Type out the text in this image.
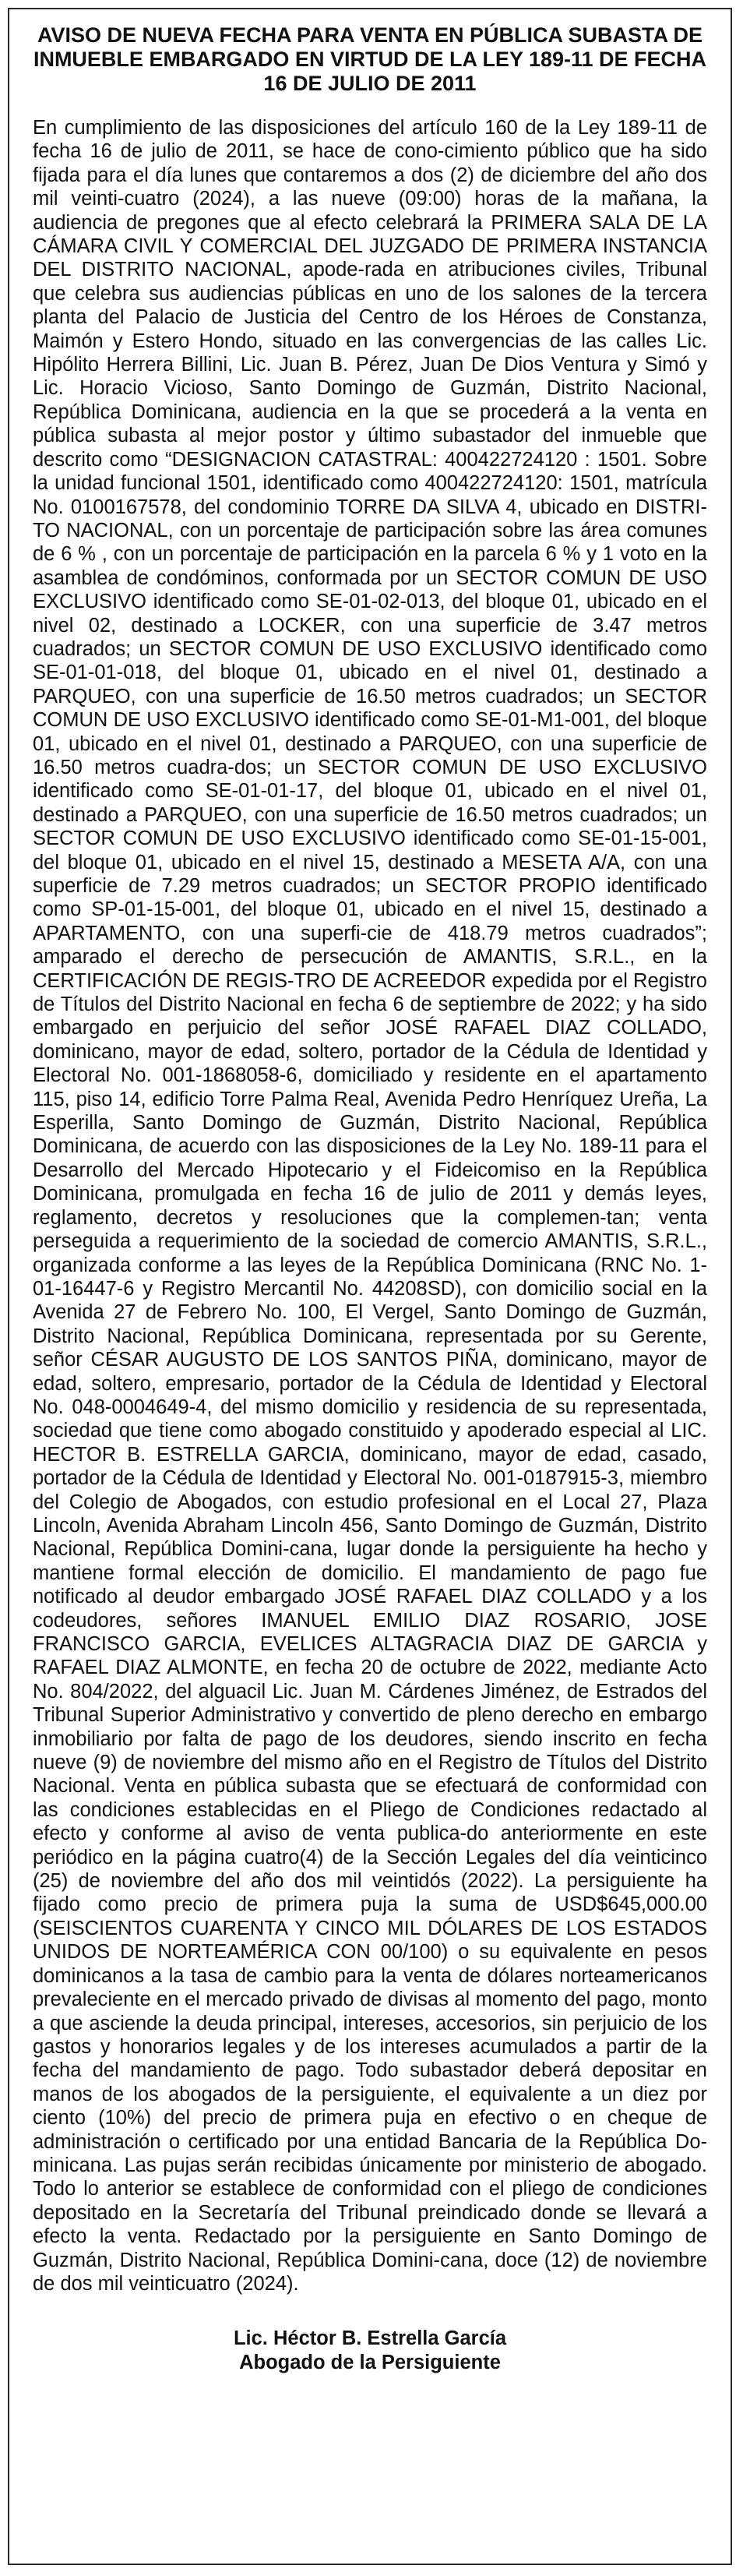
AVISO DE NUEVA FECHA PARA VENTA EN PÚBLICA SUBASTA DE INMUEBLE EMBARGADO EN VIRTUD DE LA LEY 189-11 DE FECHA 16 DE JULIO DE 2011

En cumplimiento de las disposiciones del artículo 160 de la Ley 189-11 de fecha 16 de julio de 2011, se hace de cono-cimiento público que ha sido fijada para el día lunes que contaremos a dos (2) de diciembre del año dos mil veinti-cuatro (2024), a las nueve (09:00) horas de la mañana, la audiencia de pregones que al efecto celebrará la PRIMERA SALA DE LA CÁMARA CIVIL Y COMERCIAL DEL JUZGADO DE PRIMERA INSTANCIA DEL DISTRITO NACIONAL, apode-rada en atribuciones civiles, Tribunal que celebra sus audiencias públicas en uno de los salones de la tercera planta del Palacio de Justicia del Centro de los Héroes de Constanza, Maimón y Estero Hondo, situado en las convergencias de las calles Lic. Hipólito Herrera Billini, Lic. Juan B. Pérez, Juan De Dios Ventura y Simó y Lic. Horacio Vicioso, Santo Domingo de Guzmán, Distrito Nacional, República Dominicana, audiencia en la que se procederá a la venta en pública subasta al mejor postor y último subastador del inmueble que descrito como “DESIGNACION CATASTRAL: 400422724120 : 1501. Sobre la unidad funcional 1501, identificado como 400422724120: 1501, matrícula No. 0100167578, del condominio TORRE DA SILVA 4, ubicado en DISTRI-TO NACIONAL, con un porcentaje de participación sobre las área comunes de 6 % , con un porcentaje de participación en la parcela 6 % y 1 voto en la asamblea de condóminos, conformada por un SECTOR COMUN DE USO EXCLUSIVO identificado como SE-01-02-013, del bloque 01, ubicado en el nivel 02, destinado a LOCKER, con una superficie de 3.47 metros cuadrados; un SECTOR COMUN DE USO EXCLUSIVO identificado como SE-01-01-018, del bloque 01, ubicado en el nivel 01, destinado a PARQUEO, con una superficie de 16.50 metros cuadrados; un SECTOR COMUN DE USO EXCLUSIVO identificado como SE-01-M1-001, del bloque 01, ubicado en el nivel 01, destinado a PARQUEO, con una superficie de 16.50 metros cuadra-dos; un SECTOR COMUN DE USO EXCLUSIVO identificado como SE-01-01-17, del bloque 01, ubicado en el nivel 01, destinado a PARQUEO, con una superficie de 16.50 metros cuadrados; un SECTOR COMUN DE USO EXCLUSIVO identificado como SE-01-15-001, del bloque 01, ubicado en el nivel 15, destinado a MESETA A/A, con una superficie de 7.29 metros cuadrados; un SECTOR PROPIO identificado como SP-01-15-001, del bloque 01, ubicado en el nivel 15, destinado a APARTAMENTO, con una superfi-cie de 418.79 metros cuadrados”; amparado el derecho de persecución de AMANTIS, S.R.L., en la CERTIFICACIÓN DE REGIS-TRO DE ACREEDOR expedida por el Registro de Títulos del Distrito Nacional en fecha 6 de septiembre de 2022; y ha sido embargado en perjuicio del señor JOSÉ RAFAEL DIAZ COLLADO, dominicano, mayor de edad, soltero, portador de la Cédula de Identidad y Electoral No. 001-1868058-6, domiciliado y residente en el apartamento 115, piso 14, edificio Torre Palma Real, Avenida Pedro Henríquez Ureña, La Esperilla, Santo Domingo de Guzmán, Distrito Nacional, República Dominicana, de acuerdo con las disposiciones de la Ley No. 189-11 para el Desarrollo del Mercado Hipotecario y el Fideicomiso en la República Dominicana, promulgada en fecha 16 de julio de 2011 y demás leyes, reglamento, decretos y resoluciones que la complemen-tan; venta perseguida a requerimiento de la sociedad de comercio AMANTIS, S.R.L., organizada conforme a las leyes de la República Dominicana (RNC No. 1-01-16447-6 y Registro Mercantil No. 44208SD), con domicilio social en la Avenida 27 de Febrero No. 100, El Vergel, Santo Domingo de Guzmán, Distrito Nacional, República Dominicana, representada por su Gerente, señor CÉSAR AUGUSTO DE LOS SANTOS PIÑA, dominicano, mayor de edad, soltero, empresario, portador de la Cédula de Identidad y Electoral No. 048-0004649-4, del mismo domicilio y residencia de su representada, sociedad que tiene como abogado constituido y apoderado especial al LIC. HECTOR B. ESTRELLA GARCIA, dominicano, mayor de edad, casado, portador de la Cédula de Identidad y Electoral No. 001-0187915-3, miembro del Colegio de Abogados, con estudio profesional en el Local 27, Plaza Lincoln, Avenida Abraham Lincoln 456, Santo Domingo de Guzmán, Distrito Nacional, República Domini-cana, lugar donde la persiguiente ha hecho y mantiene formal elección de domicilio. El mandamiento de pago fue notificado al deudor embargado JOSÉ RAFAEL DIAZ COLLADO y a los codeudores, señores IMANUEL EMILIO DIAZ ROSARIO, JOSE FRANCISCO GARCIA, EVELICES ALTAGRACIA DIAZ DE GARCIA y RAFAEL DIAZ ALMONTE, en fecha 20 de octubre de 2022, mediante Acto No. 804/2022, del alguacil Lic. Juan M. Cárdenes Jiménez, de Estrados del Tribunal Superior Administrativo y convertido de pleno derecho en embargo inmobiliario por falta de pago de los deudores, siendo inscrito en fecha nueve (9) de noviembre del mismo año en el Registro de Títulos del Distrito Nacional. Venta en pública subasta que se efectuará de conformidad con las condiciones establecidas en el Pliego de Condiciones redactado al efecto y conforme al aviso de venta publica-do anteriormente en este periódico en la página cuatro(4) de la Sección Legales del día veinticinco (25) de noviembre del año dos mil veintidós (2022). La persiguiente ha fijado como precio de primera puja la suma de USD$645,000.00 (SEISCIENTOS CUARENTA Y CINCO MIL DÓLARES DE LOS ESTADOS UNIDOS DE NORTEAMÉRICA CON 00/100) o su equivalente en pesos dominicanos a la tasa de cambio para la venta de dólares norteamericanos prevaleciente en el mercado privado de divisas al momento del pago, monto a que asciende la deuda principal, intereses, accesorios, sin perjuicio de los gastos y honorarios legales y de los intereses acumulados a partir de la fecha del mandamiento de pago. Todo subastador deberá depositar en manos de los abogados de la persiguiente, el equivalente a un diez por ciento (10%) del precio de primera puja en efectivo o en cheque de administración o certificado por una entidad Bancaria de la República Do-minicana. Las pujas serán recibidas únicamente por ministerio de abogado. Todo lo anterior se establece de conformidad con el pliego de condiciones depositado en la Secretaría del Tribunal preindicado donde se llevará a efecto la venta. Redactado por la persiguiente en Santo Domingo de Guzmán, Distrito Nacional, República Domini-cana, doce (12) de noviembre de dos mil veinticuatro (2024).

Lic. Héctor B. Estrella García
Abogado de la Persiguiente
